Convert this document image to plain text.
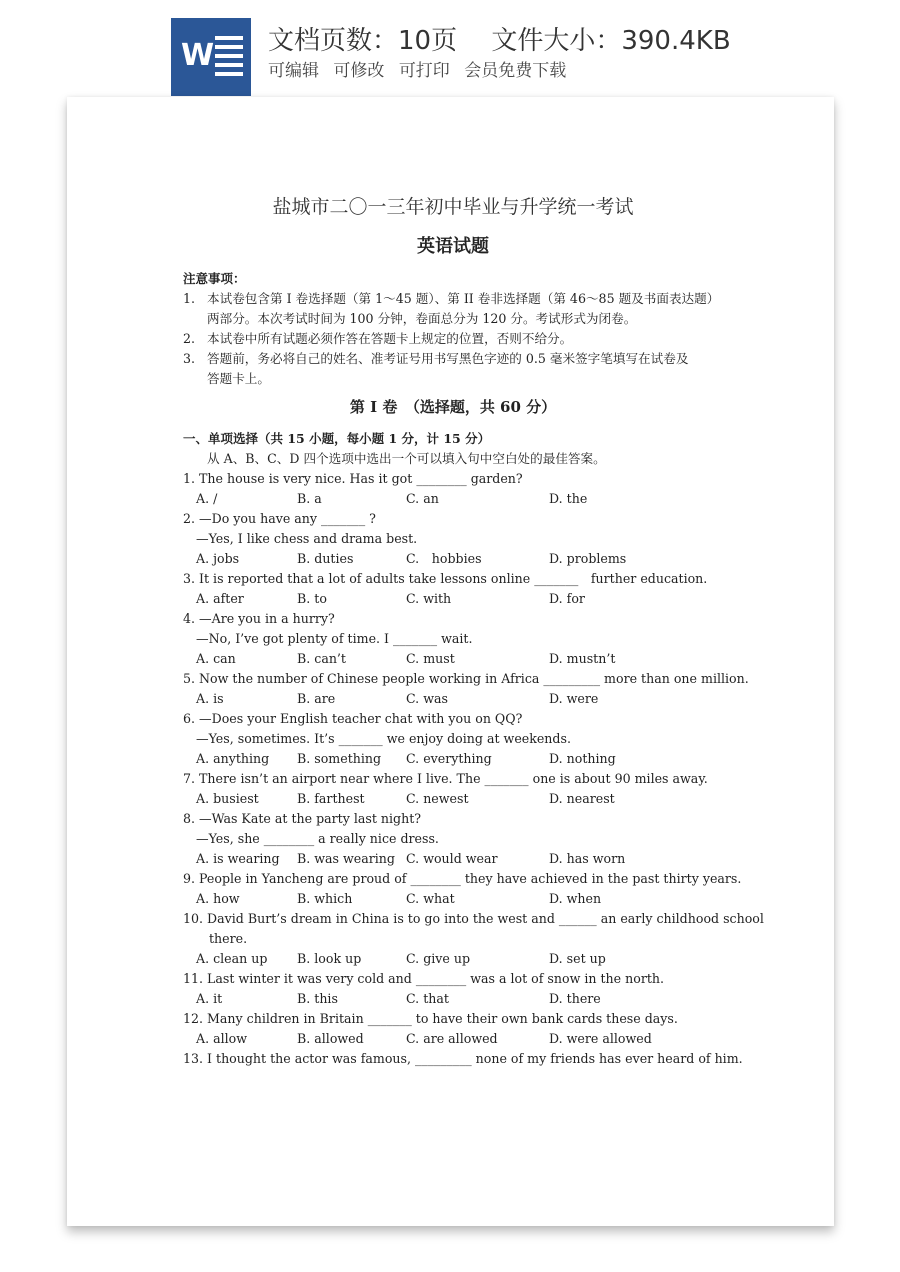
W 文档页数：10页　 文件大小：390.4KB
可编辑 可修改 可打印 会员免费下载
盐城市二〇一三年初中毕业与升学统一考试
英语试题
注意事项：
1. 本试卷包含第 I 卷选择题（第 1～45 题）、第 II 卷非选择题（第 46～85 题及书面表达题）
两部分。本次考试时间为 100 分钟，卷面总分为 120 分。考试形式为闭卷。
2. 本试卷中所有试题必须作答在答题卡上规定的位置，否则不给分。
3. 答题前，务必将自己的姓名、准考证号用书写黑色字迹的 0.5 毫米签字笔填写在试卷及
答题卡上。
第 I 卷　（选择题，共 60 分）
一、单项选择（共 15 小题，每小题 1 分，计 15 分）
从 A、B、C、D 四个选项中选出一个可以填入句中空白处的最佳答案。
1. The house is very nice. Has it got ________ garden?
A. /	B. a	C. an	D. the
2. —Do you have any _______ ?
—Yes, I like chess and drama best.
A. jobs	B. duties	C.　hobbies	D. problems
3. It is reported that a lot of adults take lessons online _______　further education.
A. after	B. to	C. with	D. for
4. —Are you in a hurry?
—No, I’ve got plenty of time. I _______ wait.
A. can	B. can’t	C. must	D. mustn’t
5. Now the number of Chinese people working in Africa _________ more than one million.
A. is	B. are	C. was	D. were
6. —Does your English teacher chat with you on QQ?
—Yes, sometimes. It’s _______ we enjoy doing at weekends.
A. anything B. something C. everything	D. nothing
7. There isn’t an airport near where I live. The _______ one is about 90 miles away.
A. busiest	B. farthest	C. newest	D. nearest
8. —Was Kate at the party last night?
—Yes, she ________ a really nice dress.
A. is wearing B. was wearing C. would wear	D. has worn
9. People in Yancheng are proud of ________ they have achieved in the past thirty years.
A. how	B. which	C. what	D. when
10. David Burt’s dream in China is to go into the west and ______ an early childhood school
there.
A. clean up B. look up	C. give up	D. set up
11. Last winter it was very cold and ________ was a lot of snow in the north.
A. it	B. this	C. that	D. there
12. Many children in Britain _______ to have their own bank cards these days.
A. allow	B. allowed	C. are allowed	D. were allowed
13. I thought the actor was famous, _________ none of my friends has ever heard of him.
